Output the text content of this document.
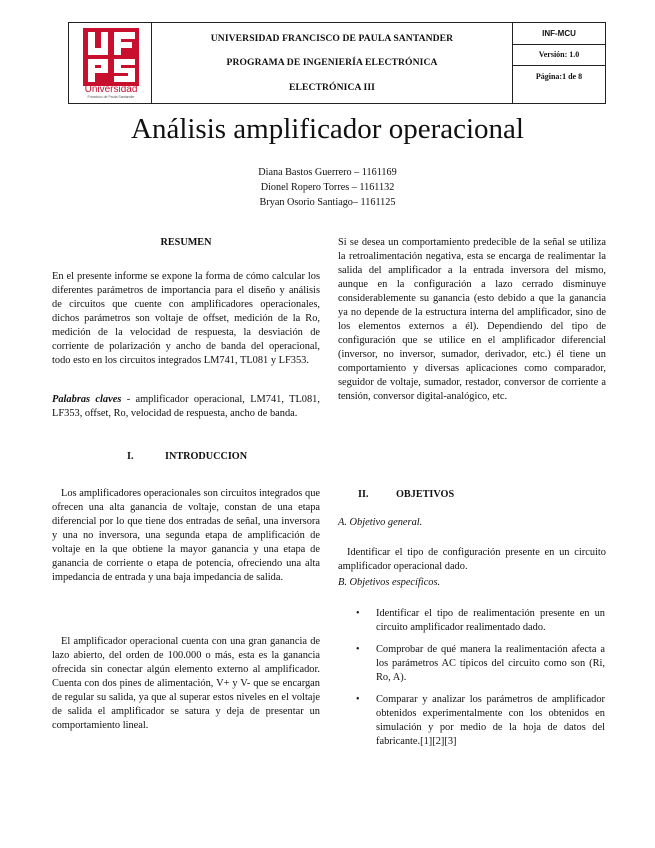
Universidad
Francisco de Paula Santander
UNIVERSIDAD FRANCISCO DE PAULA SANTANDER
PROGRAMA DE INGENIERÍA ELECTRÓNICA
ELECTRÓNICA III
INF-MCU
Versión: 1.0
Página:1 de 8
Análisis amplificador operacional
Diana Bastos Guerrero – 1161169
Dionel Ropero Torres – 1161132
Bryan Osorio Santiago– 1161125
RESUMEN
En el presente informe se expone la forma de cómo calcular los diferentes parámetros de importancia para el diseño y análisis de circuitos que cuente con amplificadores operacionales, dichos parámetros son voltaje de offset, medición de la Ro, medición de la velocidad de respuesta, la desviación de corriente de polarización y ancho de banda del operacional, todo esto en los circuitos integrados LM741, TL081 y LF353.
Palabras claves - amplificador operacional, LM741, TL081, LF353, offset, Ro, velocidad de respuesta, ancho de banda.
I.	INTRODUCCION
Los amplificadores operacionales son circuitos integrados que ofrecen una alta ganancia de voltaje, constan de una etapa diferencial por lo que tiene dos entradas de señal, una inversora y una no inversora, una segunda etapa de amplificación de voltaje en la que obtiene la mayor ganancia y una etapa de ganancia de corriente o etapa de potencia, ofreciendo una alta impedancia de entrada y una baja impedancia de salida.
El amplificador operacional cuenta con una gran ganancia de lazo abierto, del orden de 100.000 o más, esta es la ganancia ofrecida sin conectar algún elemento externo al amplificador. Cuenta con dos pines de alimentación, V+ y V- que se encargan de regular su salida, ya que al superar estos niveles en el voltaje de salida el amplificador se satura y deja de presentar un comportamiento lineal.
Si se desea un comportamiento predecible de la señal se utiliza la retroalimentación negativa, esta se encarga de realimentar la salida del amplificador a la entrada inversora del mismo, aunque en la configuración a lazo cerrado disminuye considerablemente su ganancia (esto debido a que la ganancia ya no depende de la estructura interna del amplificador, sino de los elementos externos a él). Dependiendo del tipo de configuración que se utilice en el amplificador diferencial (inversor, no inversor, sumador, derivador, etc.) él tiene un comportamiento y diversas aplicaciones como comparador, seguidor de voltaje, sumador, restador, conversor de corriente a tensión, conversor digital-analógico, etc.
II.	OBJETIVOS
A. Objetivo general.
Identificar el tipo de configuración presente en un circuito amplificador operacional dado.
B. Objetivos específicos.
• Identificar el tipo de realimentación presente en un circuito amplificador realimentado dado.
• Comprobar de qué manera la realimentación afecta a los parámetros AC típicos del circuito como son (Ri, Ro, A).
• Comparar y analizar los parámetros de amplificador obtenidos experimentalmente con los obtenidos en simulación y por medio de la hoja de datos del fabricante.[1][2][3]
